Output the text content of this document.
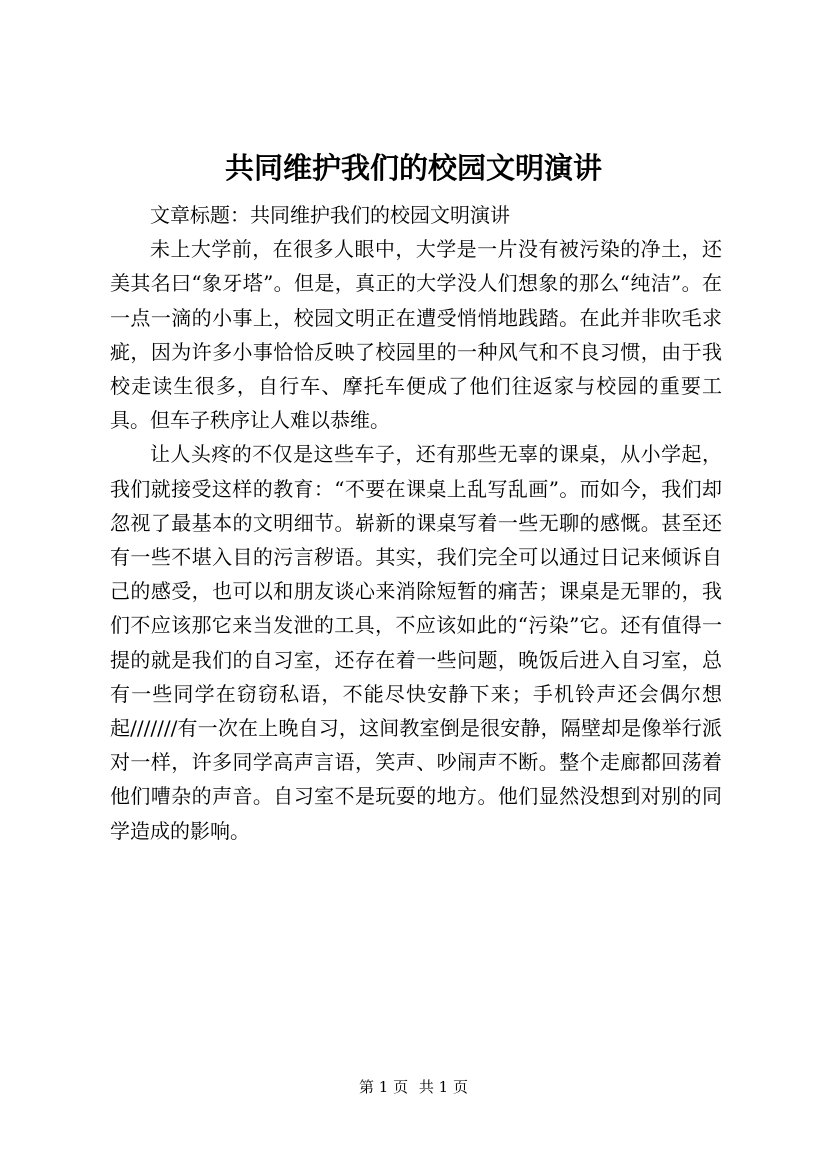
共同维护我们的校园文明演讲

文章标题：共同维护我们的校园文明演讲

未上大学前，在很多人眼中，大学是一片没有被污染的净土，还美其名曰“象牙塔”。但是，真正的大学没人们想象的那么“纯洁”。在一点一滴的小事上，校园文明正在遭受悄悄地践踏。在此并非吹毛求疵，因为许多小事恰恰反映了校园里的一种风气和不良习惯，由于我校走读生很多，自行车、摩托车便成了他们往返家与校园的重要工具。但车子秩序让人难以恭维。

让人头疼的不仅是这些车子，还有那些无辜的课桌，从小学起，我们就接受这样的教育：“不要在课桌上乱写乱画”。而如今，我们却忽视了最基本的文明细节。崭新的课桌写着一些无聊的感慨。甚至还有一些不堪入目的污言秽语。其实，我们完全可以通过日记来倾诉自己的感受，也可以和朋友谈心来消除短暂的痛苦；课桌是无罪的，我们不应该那它来当发泄的工具，不应该如此的“污染”它。还有值得一提的就是我们的自习室，还存在着一些问题，晚饭后进入自习室，总有一些同学在窃窃私语，不能尽快安静下来；手机铃声还会偶尔想起///////有一次在上晚自习，这间教室倒是很安静，隔壁却是像举行派对一样，许多同学高声言语，笑声、吵闹声不断。整个走廊都回荡着他们嘈杂的声音。自习室不是玩耍的地方。他们显然没想到对别的同学造成的影响。

第 1 页 共 1 页
